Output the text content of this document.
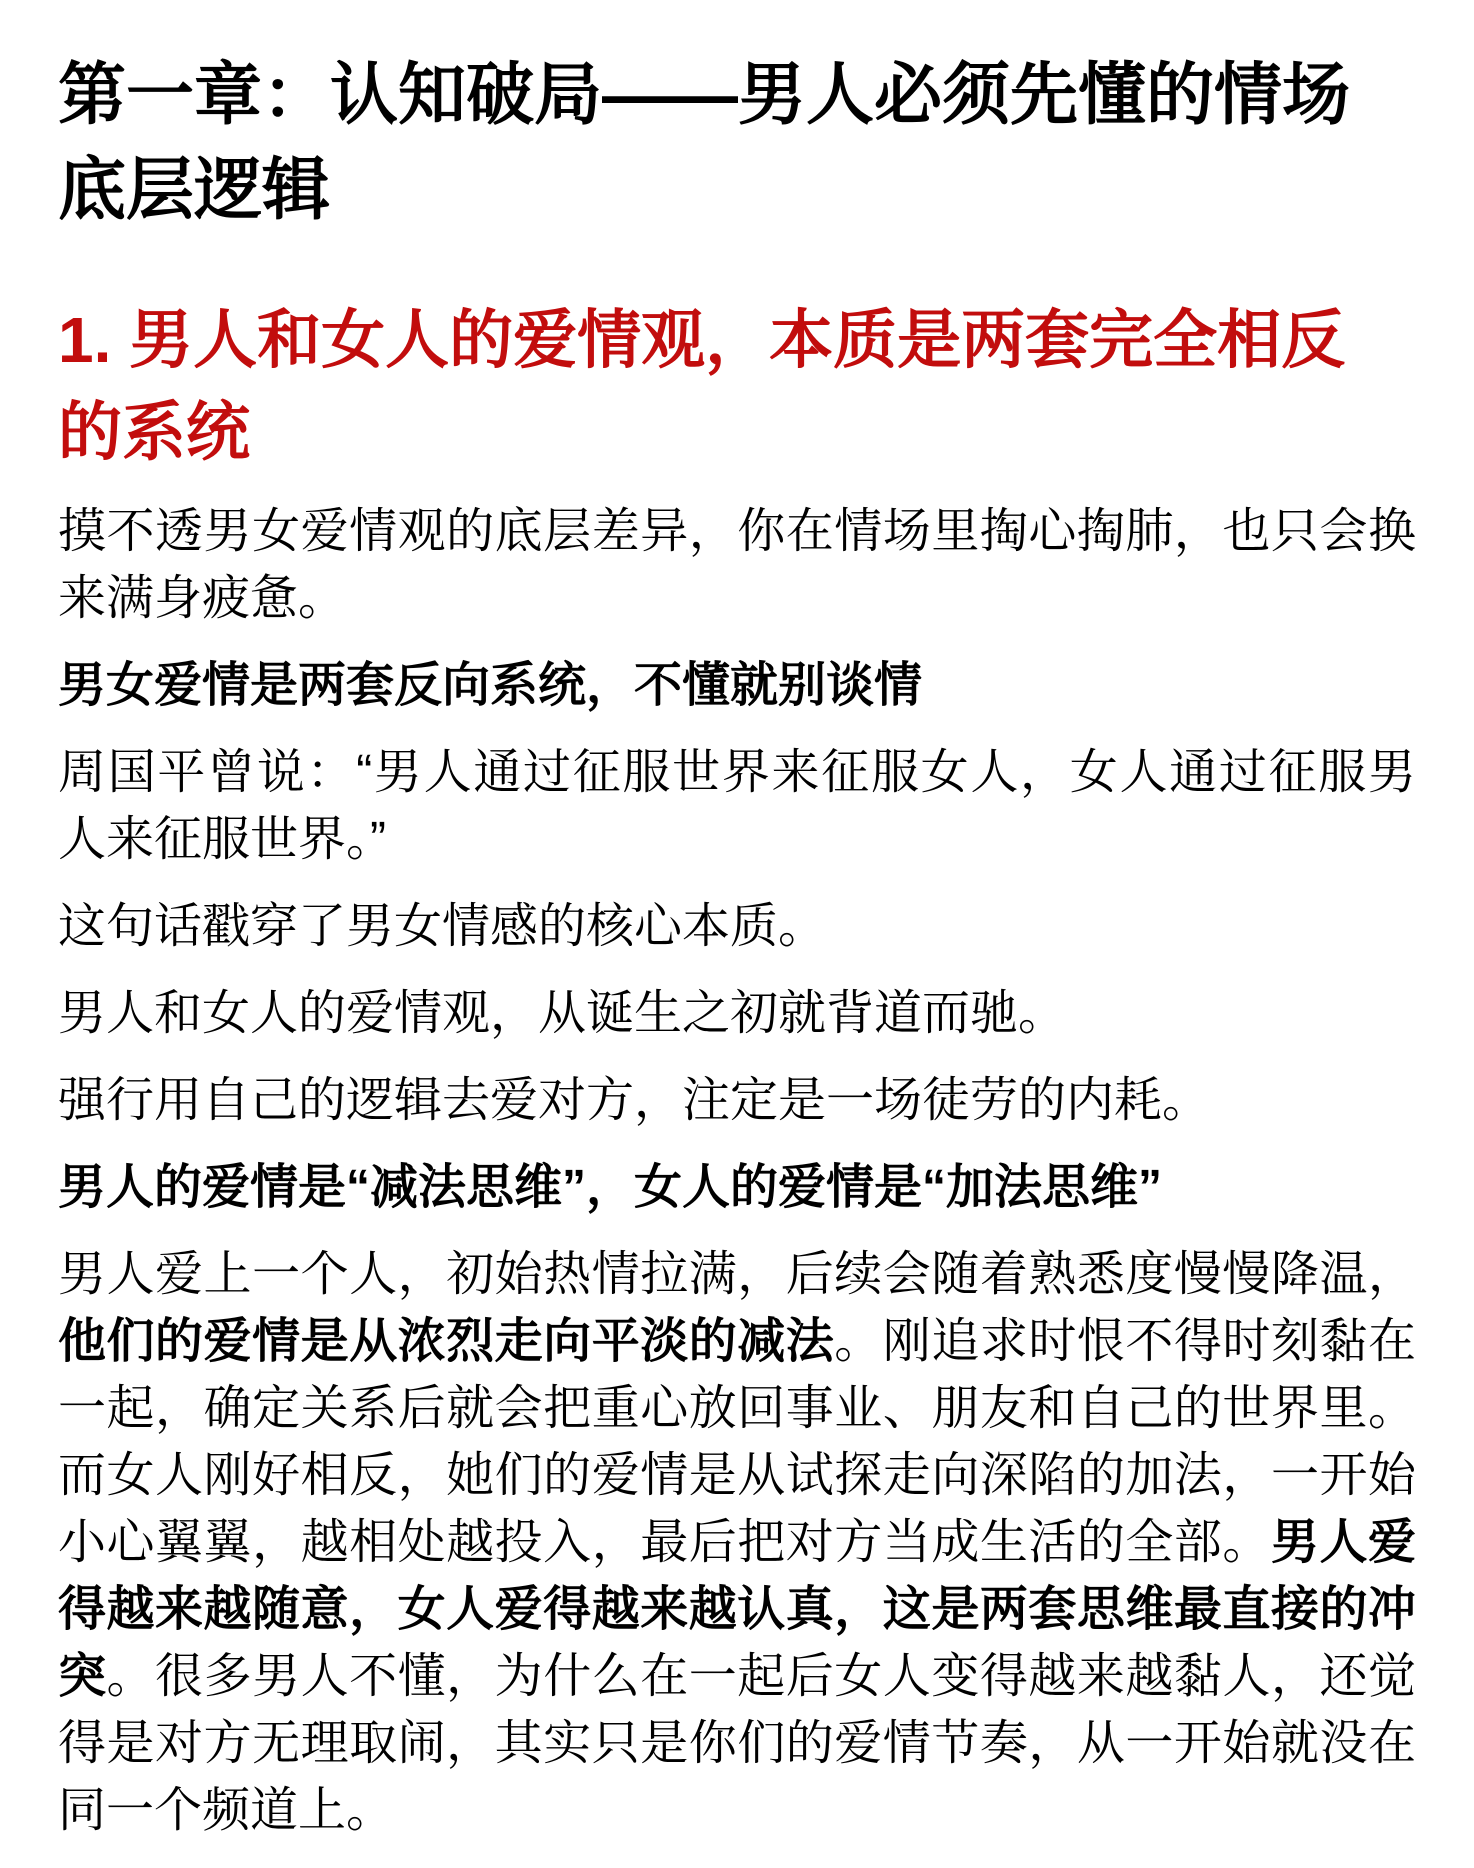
第一章：认知破局——男人必须先懂的情场
底层逻辑
1. 男人和女人的爱情观，本质是两套完全相反
的系统

摸不透男女爱情观的底层差异，你在情场里掏心掏肺，也只会换来满身疲惫。

男女爱情是两套反向系统，不懂就别谈情

周国平曾说：“男人通过征服世界来征服女人，女人通过征服男人来征服世界。”

这句话戳穿了男女情感的核心本质。

男人和女人的爱情观，从诞生之初就背道而驰。

强行用自己的逻辑去爱对方，注定是一场徒劳的内耗。

男人的爱情是“减法思维”，女人的爱情是“加法思维”

男人爱上一个人，初始热情拉满，后续会随着熟悉度慢慢降温，他们的爱情是从浓烈走向平淡的减法。刚追求时恨不得时刻黏在一起，确定关系后就会把重心放回事业、朋友和自己的世界里。而女人刚好相反，她们的爱情是从试探走向深陷的加法，一开始小心翼翼，越相处越投入，最后把对方当成生活的全部。男人爱得越来越随意，女人爱得越来越认真，这是两套思维最直接的冲突。很多男人不懂，为什么在一起后女人变得越来越黏人，还觉得是对方无理取闹，其实只是你们的爱情节奏，从一开始就没在同一个频道上。
